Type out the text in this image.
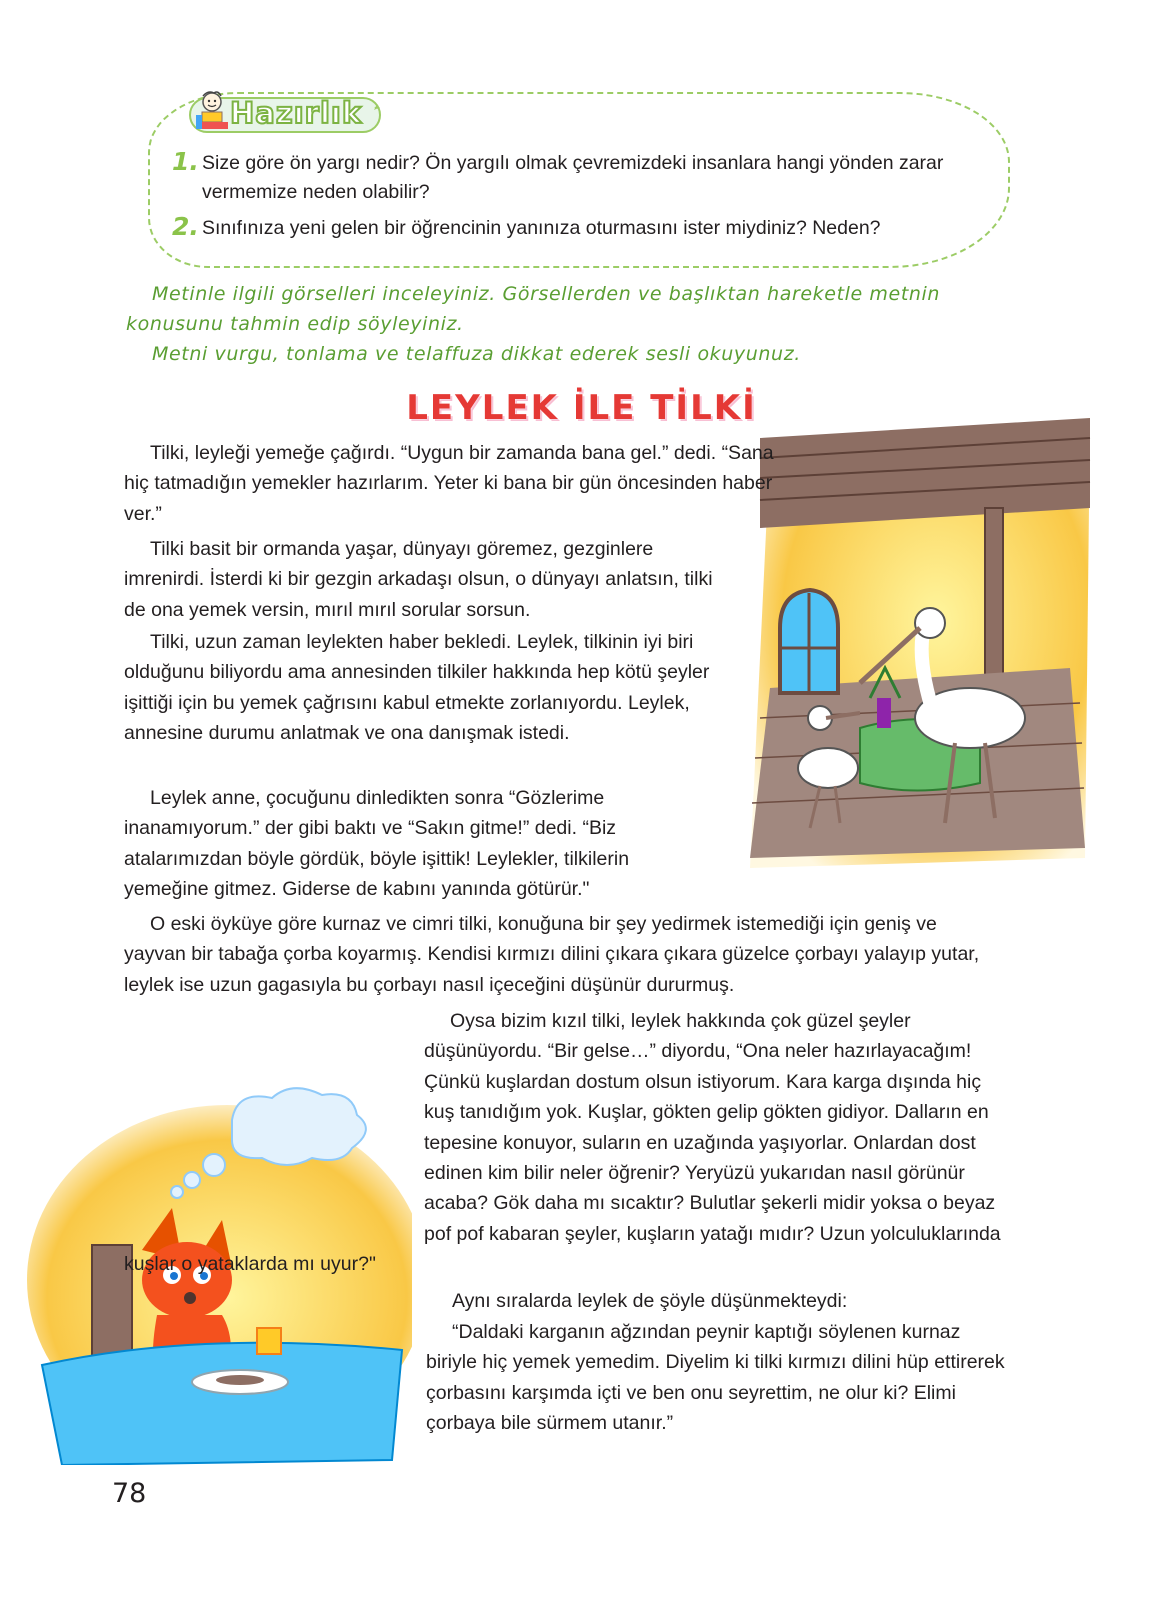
Hazırlık
1. Size göre ön yargı nedir? Ön yargılı olmak çevremizdeki insanlara hangi yönden zarar vermemize neden olabilir?
2. Sınıfınıza yeni gelen bir öğrencinin yanınıza oturmasını ister miydiniz? Neden?
Metinle ilgili görselleri inceleyiniz. Görsellerden ve başlıktan hareketle metnin konusunu tahmin edip söyleyiniz.
Metni vurgu, tonlama ve telaffuza dikkat ederek sesli okuyunuz.
LEYLEK İLE TİLKİ
Tilki, leyleği yemeğe çağırdı. “Uygun bir zamanda bana gel.” dedi. “Sana hiç tatmadığın yemekler hazırlarım. Yeter ki bana bir gün öncesinden haber ver.”
Tilki basit bir ormanda yaşar, dünyayı göremez, gezginlere imrenirdi. İsterdi ki bir gezgin arkadaşı olsun, o dünyayı anlatsın, tilki de ona yemek versin, mırıl mırıl sorular sorsun.
Tilki, uzun zaman leylekten haber bekledi. Leylek, tilkinin iyi biri olduğunu biliyordu ama annesinden tilkiler hakkında hep kötü şeyler işittiği için bu yemek çağrısını kabul etmekte zorlanıyordu. Leylek, annesine durumu anlatmak ve ona danışmak istedi.
Leylek anne, çocuğunu dinledikten sonra “Gözlerime inanamıyorum.” der gibi baktı ve “Sakın gitme!” dedi. “Biz atalarımızdan böyle gördük, böyle işittik! Leylekler, tilkilerin yemeğine gitmez. Giderse de kabını yanında götürür."
O eski öyküye göre kurnaz ve cimri tilki, konuğuna bir şey yedirmek istemediği için geniş ve yayvan bir tabağa çorba koyarmış. Kendisi kırmızı dilini çıkara çıkara güzelce çorbayı yalayıp yutar, leylek ise uzun gagasıyla bu çorbayı nasıl içeceğini düşünür dururmuş.
Oysa bizim kızıl tilki, leylek hakkında çok güzel şeyler düşünüyordu. “Bir gelse…” diyordu, “Ona neler hazırlayacağım! Çünkü kuşlardan dostum olsun istiyorum. Kara karga dışında hiç kuş tanıdığım yok. Kuşlar, gökten gelip gökten gidiyor. Dalların en tepesine konuyor, suların en uzağında yaşıyorlar. Onlardan dost edinen kim bilir neler öğrenir? Yeryüzü yukarıdan nasıl görünür acaba? Gök daha mı sıcaktır? Bulutlar şekerli midir yoksa o beyaz pof pof kabaran şeyler, kuşların yatağı mıdır? Uzun yolculuklarında kuşlar o yataklarda mı uyur?"
Aynı sıralarda leylek de şöyle düşünmekteydi:
“Daldaki karganın ağzından peynir kaptığı söylenen kurnaz biriyle hiç yemek yemedim. Diyelim ki tilki kırmızı dilini hüp ettirerek çorbasını karşımda içti ve ben onu seyrettim, ne olur ki? Elimi çorbaya bile sürmem utanır.”
78
